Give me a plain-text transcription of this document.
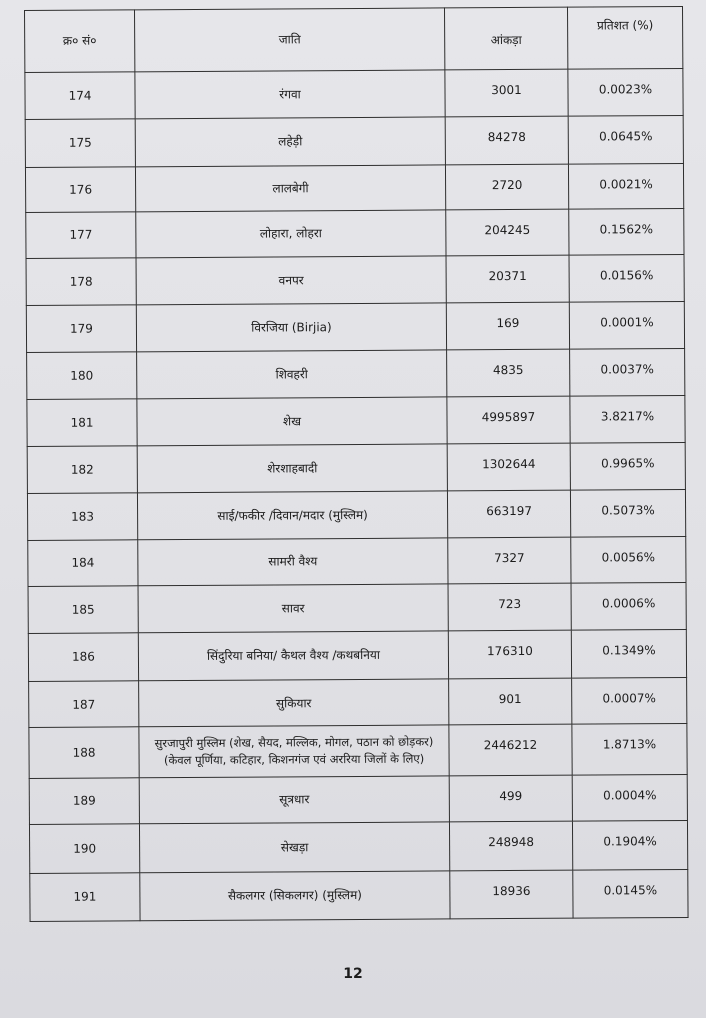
क्र० सं०	जाति	आंकड़ा	प्रतिशत (%)
174	रंगवा	3001	0.0023%
175	लहेड़ी	84278	0.0645%
176	लालबेगी	2720	0.0021%
177	लोहारा, लोहरा	204245	0.1562%
178	वनपर	20371	0.0156%
179	विरजिया (Birjia)	169	0.0001%
180	शिवहरी	4835	0.0037%
181	शेख	4995897	3.8217%
182	शेरशाहबादी	1302644	0.9965%
183	साई/फकीर /दिवान/मदार (मुस्लिम)	663197	0.5073%
184	सामरी वैश्य	7327	0.0056%
185	सावर	723	0.0006%
186	सिंदुरिया बनिया/ कैथल वैश्य /कथबनिया	176310	0.1349%
187	सुकियार	901	0.0007%
188	सुरजापुरी मुस्लिम (शेख, सैयद, मल्लिक, मोगल, पठान को छोड़कर)
(केवल पूर्णिया, कटिहार, किशनगंज एवं अररिया जिलों के लिए)	2446212	1.8713%
189	सूत्रधार	499	0.0004%
190	सेखड़ा	248948	0.1904%
191	सैकलगर (सिकलगर) (मुस्लिम)	18936	0.0145%
12
